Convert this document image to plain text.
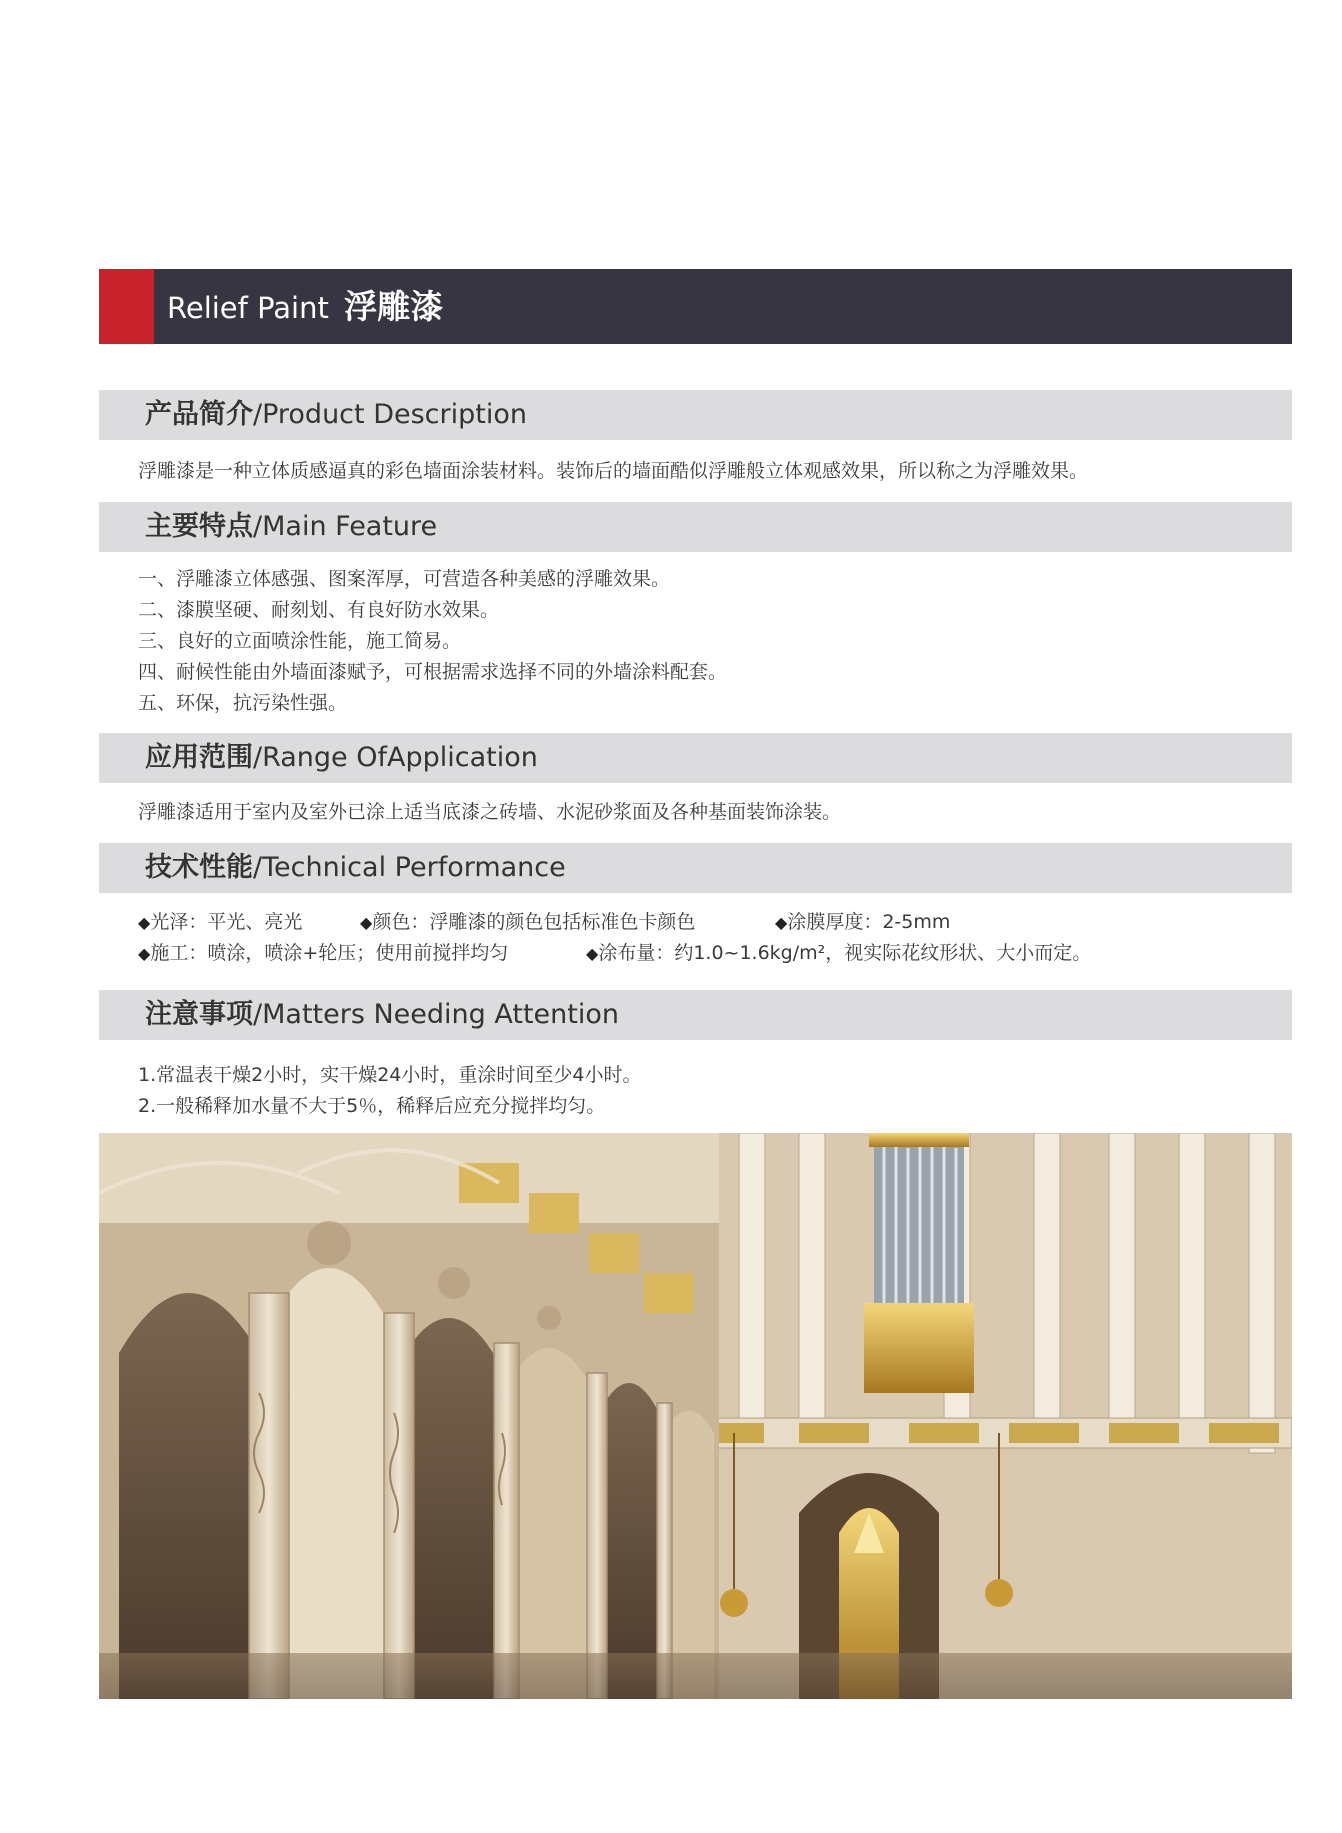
Relief Paint 浮雕漆
产品简介/Product Description
浮雕漆是一种立体质感逼真的彩色墙面涂装材料。装饰后的墙面酷似浮雕般立体观感效果，所以称之为浮雕效果。
主要特点/Main Feature
一、浮雕漆立体感强、图案浑厚，可营造各种美感的浮雕效果。
二、漆膜坚硬、耐刻划、有良好防水效果。
三、良好的立面喷涂性能，施工简易。
四、耐候性能由外墙面漆赋予，可根据需求选择不同的外墙涂料配套。
五、环保，抗污染性强。
应用范围/Range OfApplication
浮雕漆适用于室内及室外已涂上适当底漆之砖墙、水泥砂浆面及各种基面装饰涂装。
技术性能/Technical Performance
◆光泽：平光、亮光	◆颜色：浮雕漆的颜色包括标准色卡颜色	◆涂膜厚度：2-5mm
◆施工：喷涂，喷涂+轮压；使用前搅拌均匀	◆涂布量：约1.0~1.6kg/m²，视实际花纹形状、大小而定。
注意事项/Matters Needing Attention
1.常温表干燥2小时，实干燥24小时，重涂时间至少4小时。
2.一般稀释加水量不大于5％，稀释后应充分搅拌均匀。
